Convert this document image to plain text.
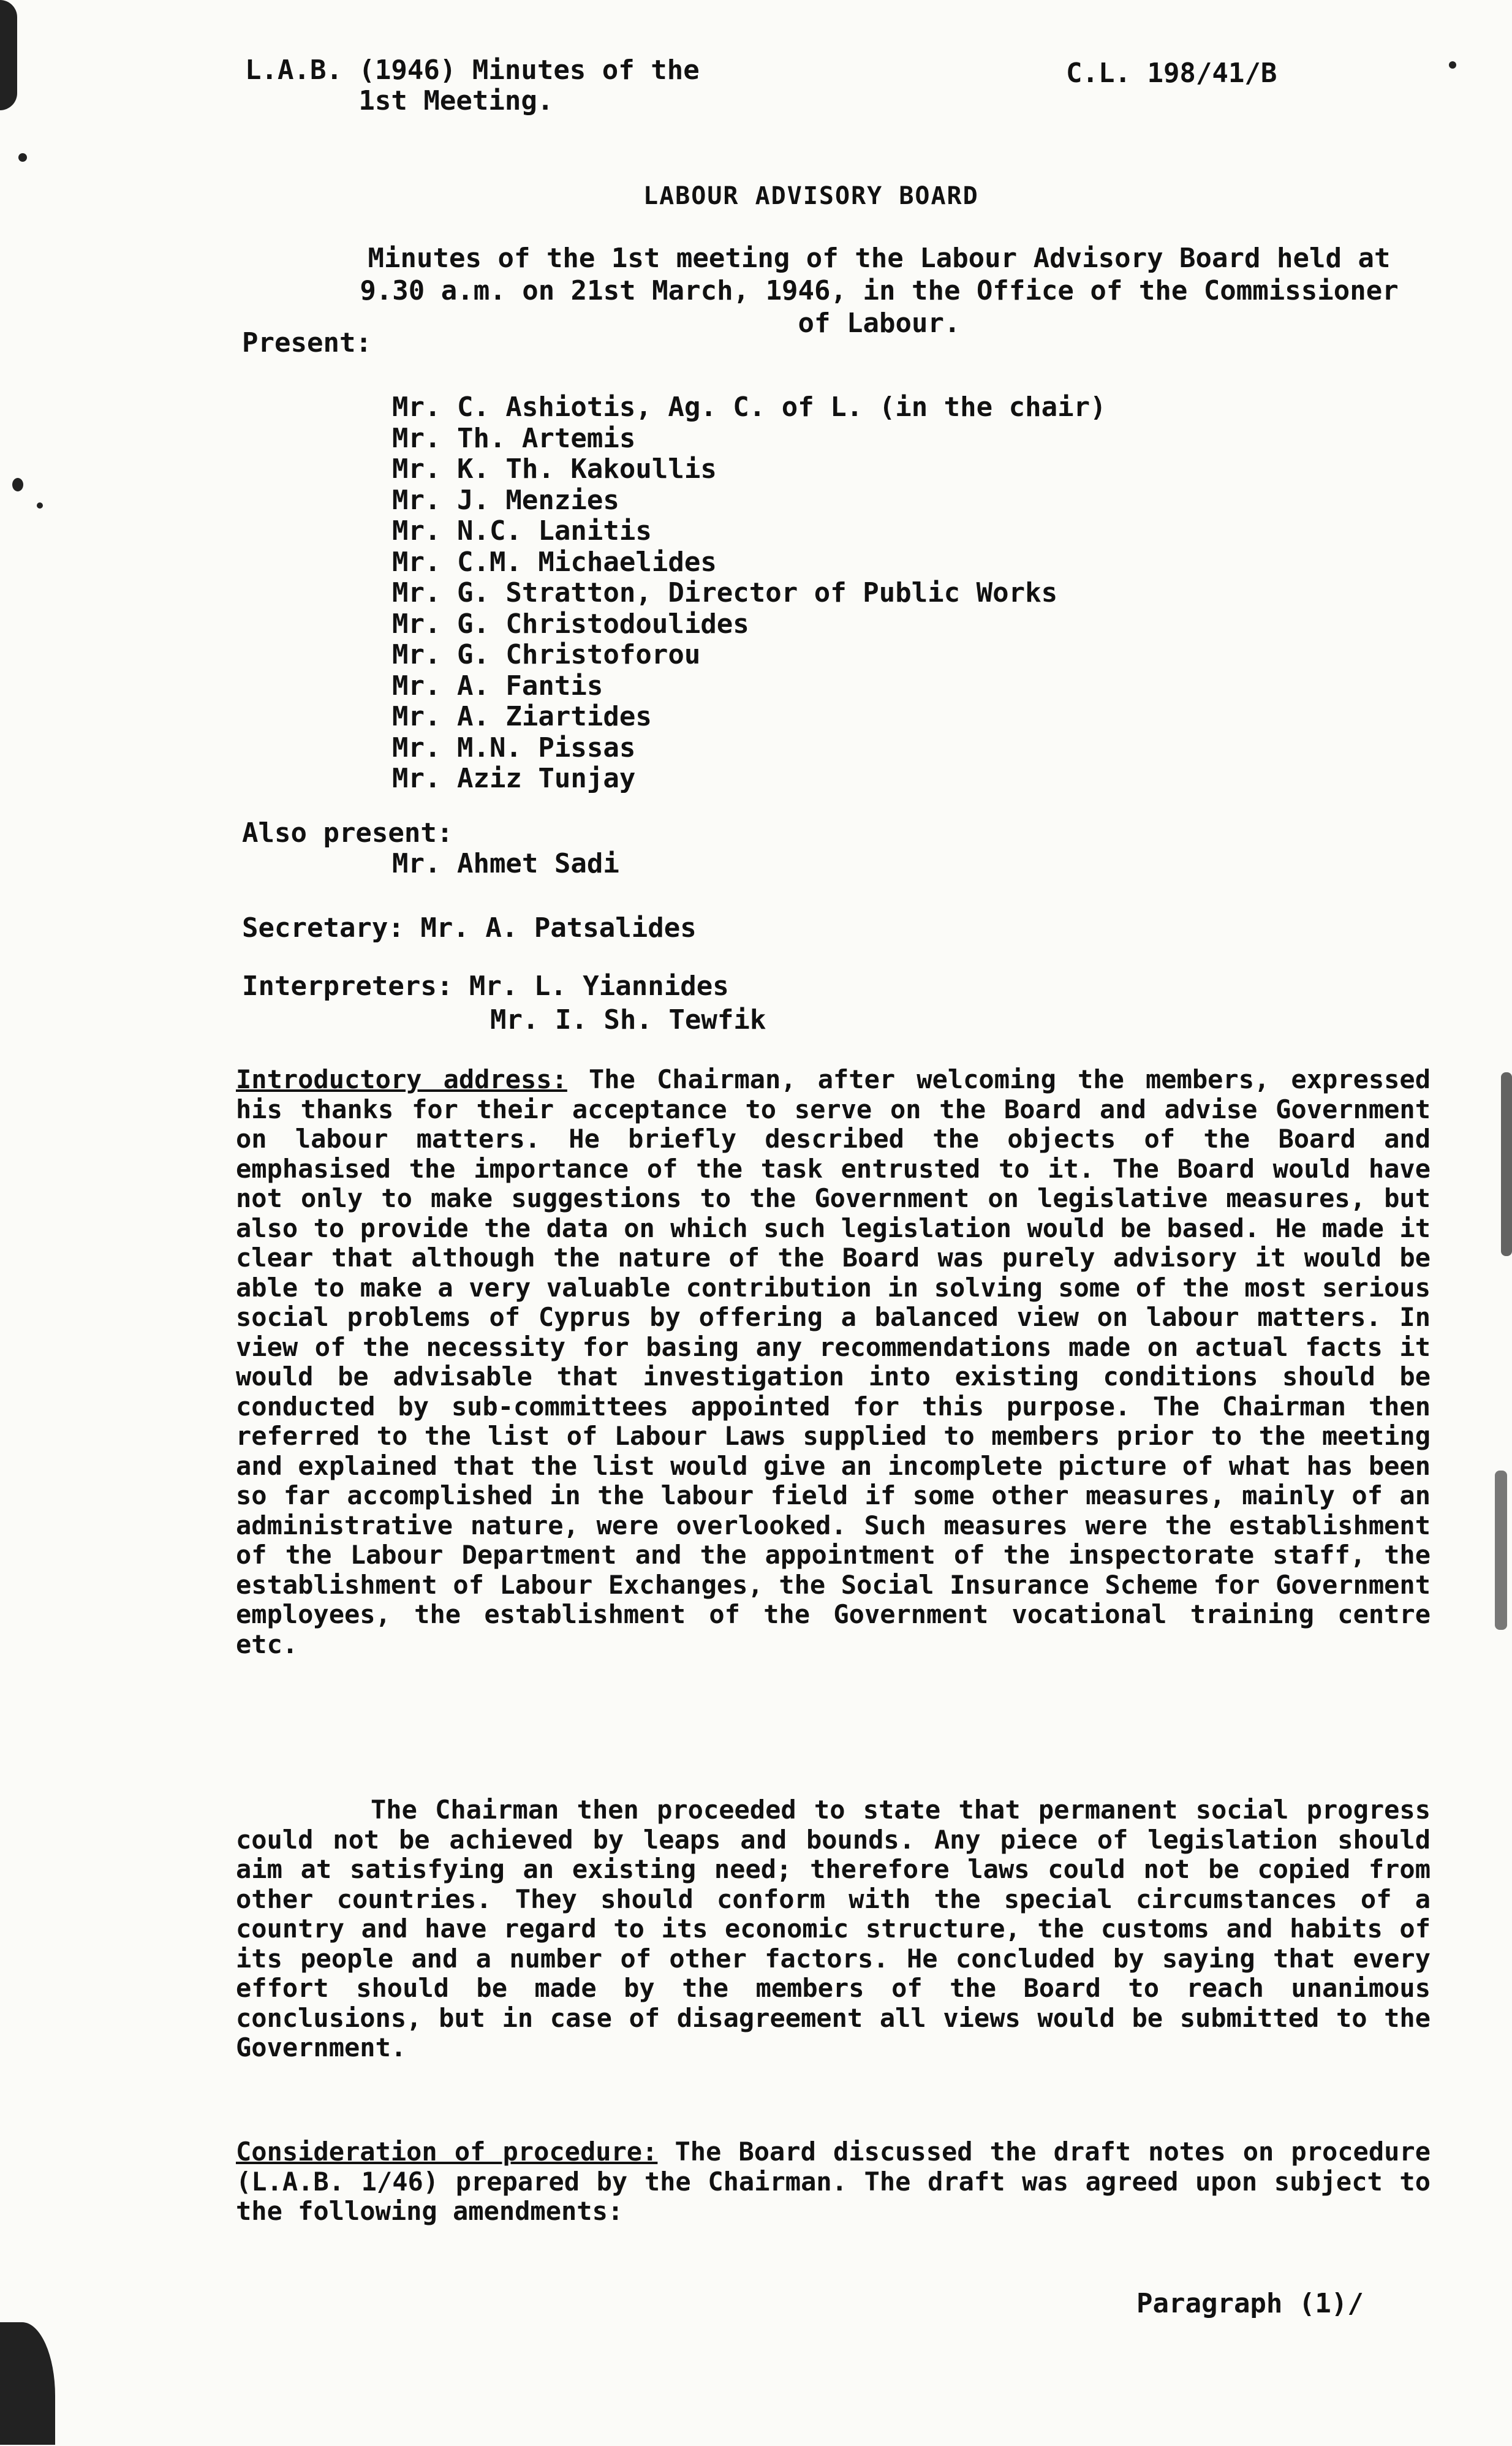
L.A.B. (1946) Minutes of the
1st Meeting.
C.L. 198/41/B
LABOUR ADVISORY BOARD
Minutes of the 1st meeting of the Labour Advisory Board held at 9.30 a.m. on 21st March, 1946, in the Office of the Commissioner of Labour.
Present:
Mr. C. Ashiotis, Ag. C. of L. (in the chair)
Mr. Th. Artemis
Mr. K. Th. Kakoullis
Mr. J. Menzies
Mr. N.C. Lanitis
Mr. C.M. Michaelides
Mr. G. Stratton, Director of Public Works
Mr. G. Christodoulides
Mr. G. Christoforou
Mr. A. Fantis
Mr. A. Ziartides
Mr. M.N. Pissas
Mr. Aziz Tunjay
Also present:
Mr. Ahmet Sadi
Secretary: Mr. A. Patsalides
Interpreters: Mr. L. Yiannides
Mr. I. Sh. Tewfik
Introductory address: The Chairman, after welcoming the members, expressed his thanks for their acceptance to serve on the Board and advise Government on labour matters. He briefly described the objects of the Board and emphasised the importance of the task entrusted to it. The Board would have not only to make suggestions to the Government on legislative measures, but also to provide the data on which such legislation would be based. He made it clear that although the nature of the Board was purely advisory it would be able to make a very valuable contribution in solving some of the most serious social problems of Cyprus by offering a balanced view on labour matters. In view of the necessity for basing any recommendations made on actual facts it would be advisable that investigation into existing conditions should be conducted by sub-committees appointed for this purpose. The Chairman then referred to the list of Labour Laws supplied to members prior to the meeting and explained that the list would give an incomplete picture of what has been so far accomplished in the labour field if some other measures, mainly of an administrative nature, were overlooked. Such measures were the establishment of the Labour Department and the appointment of the inspectorate staff, the establishment of Labour Exchanges, the Social Insurance Scheme for Government employees, the establishment of the Government vocational training centre etc.
The Chairman then proceeded to state that permanent social progress could not be achieved by leaps and bounds. Any piece of legislation should aim at satisfying an existing need; therefore laws could not be copied from other countries. They should conform with the special circumstances of a country and have regard to its economic structure, the customs and habits of its people and a number of other factors. He concluded by saying that every effort should be made by the members of the Board to reach unanimous conclusions, but in case of disagreement all views would be submitted to the Government.
Consideration of procedure: The Board discussed the draft notes on procedure (L.A.B. 1/46) prepared by the Chairman. The draft was agreed upon subject to the following amendments:
Paragraph (1)/
